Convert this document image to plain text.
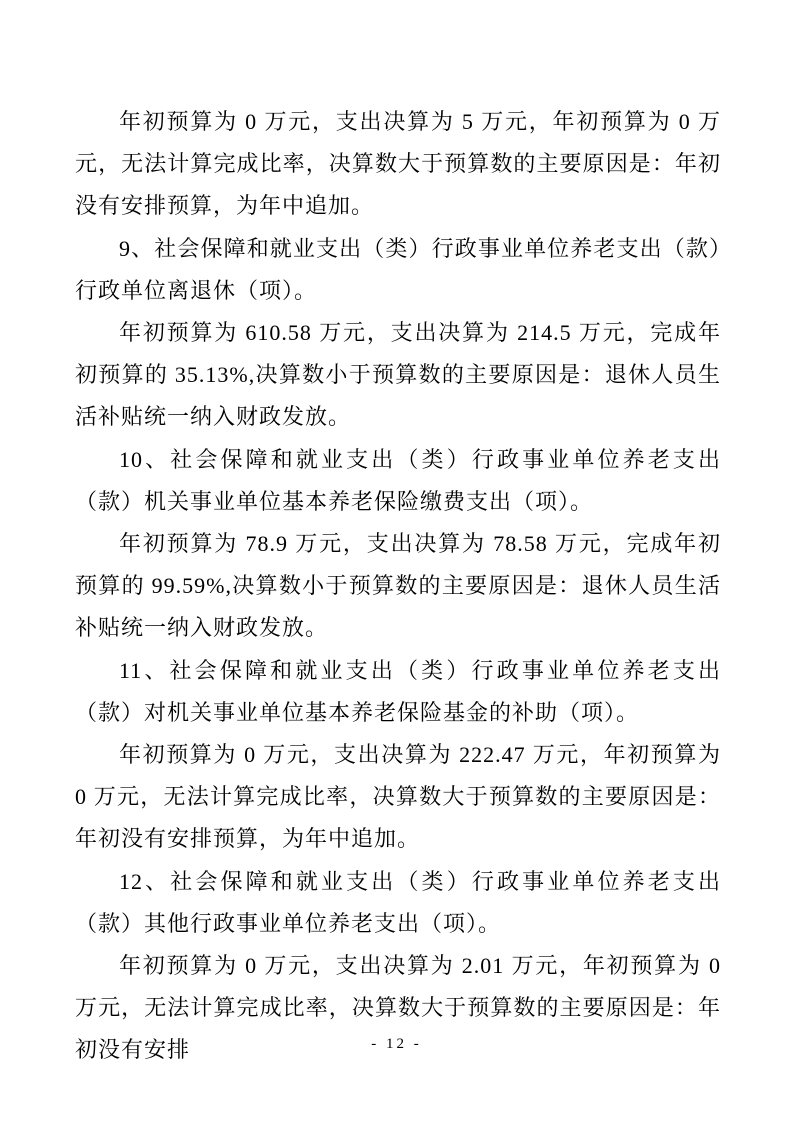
年初预算为 0 万元，支出决算为 5 万元，年初预算为 0 万元，无法计算完成比率，决算数大于预算数的主要原因是：年初没有安排预算，为年中追加。

9、社会保障和就业支出（类）行政事业单位养老支出（款）行政单位离退休（项）。

年初预算为 610.58 万元，支出决算为 214.5 万元，完成年初预算的 35.13%,决算数小于预算数的主要原因是：退休人员生活补贴统一纳入财政发放。

10、社会保障和就业支出（类）行政事业单位养老支出（款）机关事业单位基本养老保险缴费支出（项）。

年初预算为 78.9 万元，支出决算为 78.58 万元，完成年初预算的 99.59%,决算数小于预算数的主要原因是：退休人员生活补贴统一纳入财政发放。

11、社会保障和就业支出（类）行政事业单位养老支出（款）对机关事业单位基本养老保险基金的补助（项）。

年初预算为 0 万元，支出决算为 222.47 万元，年初预算为 0 万元，无法计算完成比率，决算数大于预算数的主要原因是：年初没有安排预算，为年中追加。

12、社会保障和就业支出（类）行政事业单位养老支出（款）其他行政事业单位养老支出（项）。

年初预算为 0 万元，支出决算为 2.01 万元，年初预算为 0 万元，无法计算完成比率，决算数大于预算数的主要原因是：年初没有安排	- 12 -
